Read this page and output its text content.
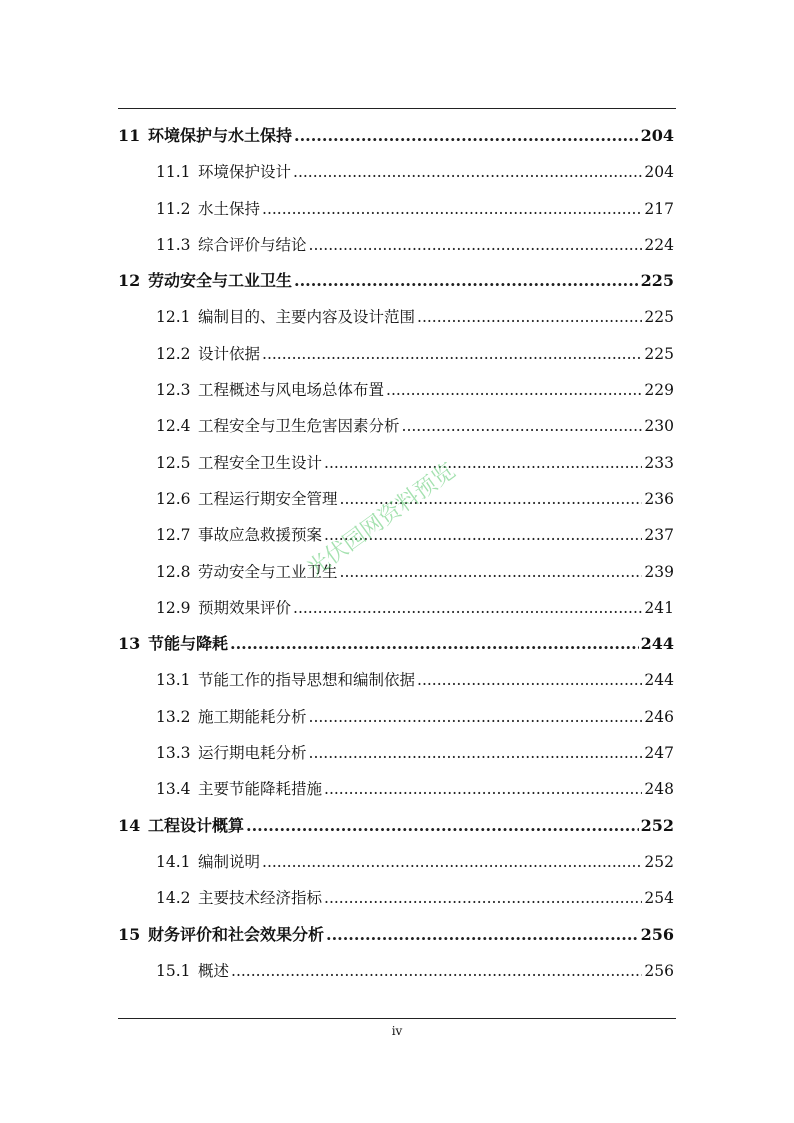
11 环境保护与水土保持 .....	204
11.1 环境保护设计 .....	204
11.2 水土保持 .....	217
11.3 综合评价与结论 .....	224
12 劳动安全与工业卫生 .....	225
12.1 编制目的、主要内容及设计范围 .....	225
12.2 设计依据 .....	225
12.3 工程概述与风电场总体布置 .....	229
12.4 工程安全与卫生危害因素分析 .....	230
12.5 工程安全卫生设计 .....	233
12.6 工程运行期安全管理 .....	236
12.7 事故应急救援预案 .....	237
12.8 劳动安全与工业卫生 .....	239
12.9 预期效果评价 .....	241
13 节能与降耗 .....	244
13.1 节能工作的指导思想和编制依据 .....	244
13.2 施工期能耗分析 .....	246
13.3 运行期电耗分析 .....	247
13.4 主要节能降耗措施 .....	248
14 工程设计概算 .....	252
14.1 编制说明 .....	252
14.2 主要技术经济指标 .....	254
15 财务评价和社会效果分析 .....	256
15.1 概述 .....	256
iv
光伏园网资料预览
